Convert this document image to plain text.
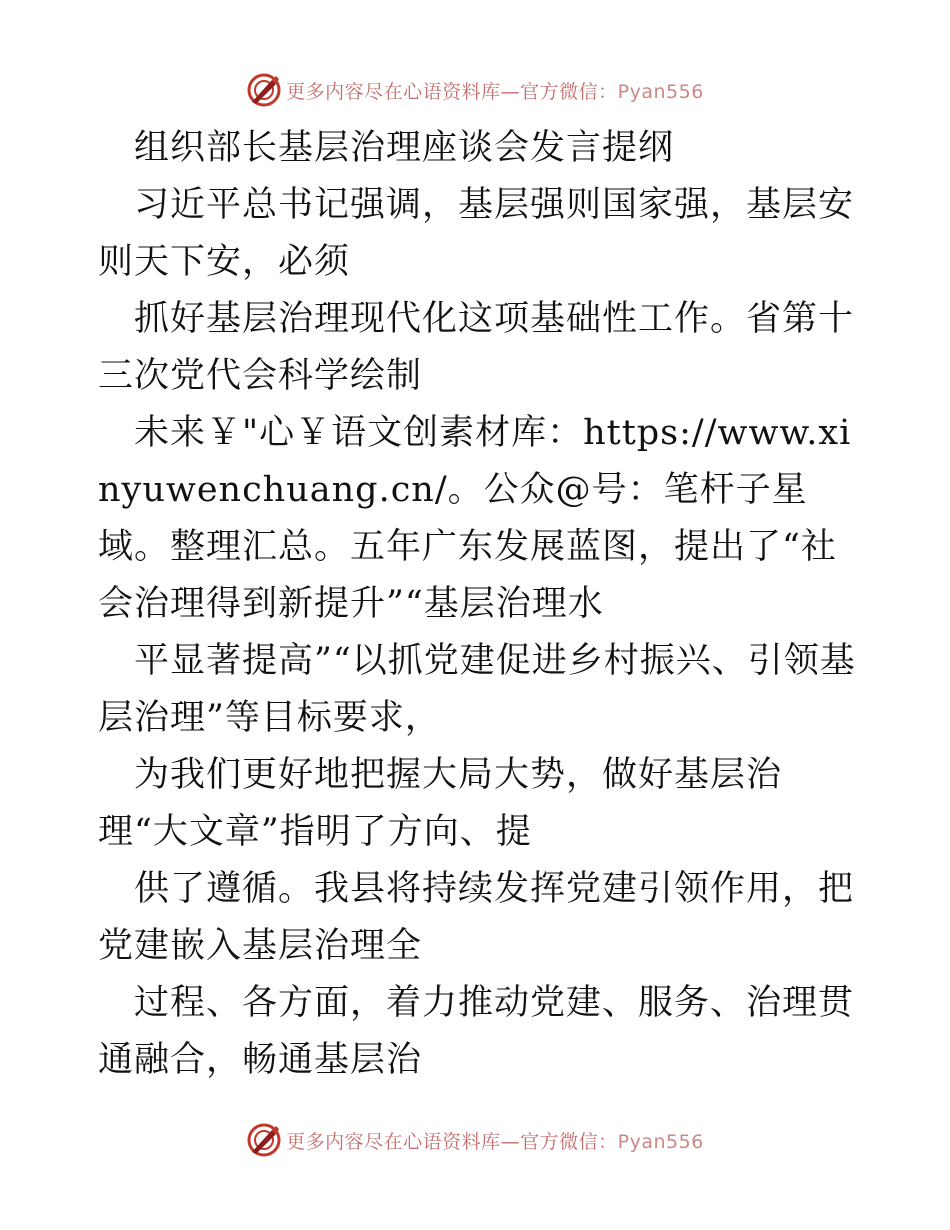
更多内容尽在心语资料库—官方微信：Pyan556

组织部长基层治理座谈会发言提纲

习近平总书记强调，基层强则国家强，基层安则天下安，必须

抓好基层治理现代化这项基础性工作。省第十三次党代会科学绘制

未来￥"心￥语文创素材库：https://www.xinyuwenchuang.cn/。公众@号：笔杆子星域。整理汇总。五年广东发展蓝图，提出了“社会治理得到新提升”“基层治理水

平显著提高”“以抓党建促进乡村振兴、引领基层治理”等目标要求，

为我们更好地把握大局大势，做好基层治理“大文章”指明了方向、提

供了遵循。我县将持续发挥党建引领作用，把党建嵌入基层治理全

过程、各方面，着力推动党建、服务、治理贯通融合，畅通基层治

更多内容尽在心语资料库—官方微信：Pyan556
